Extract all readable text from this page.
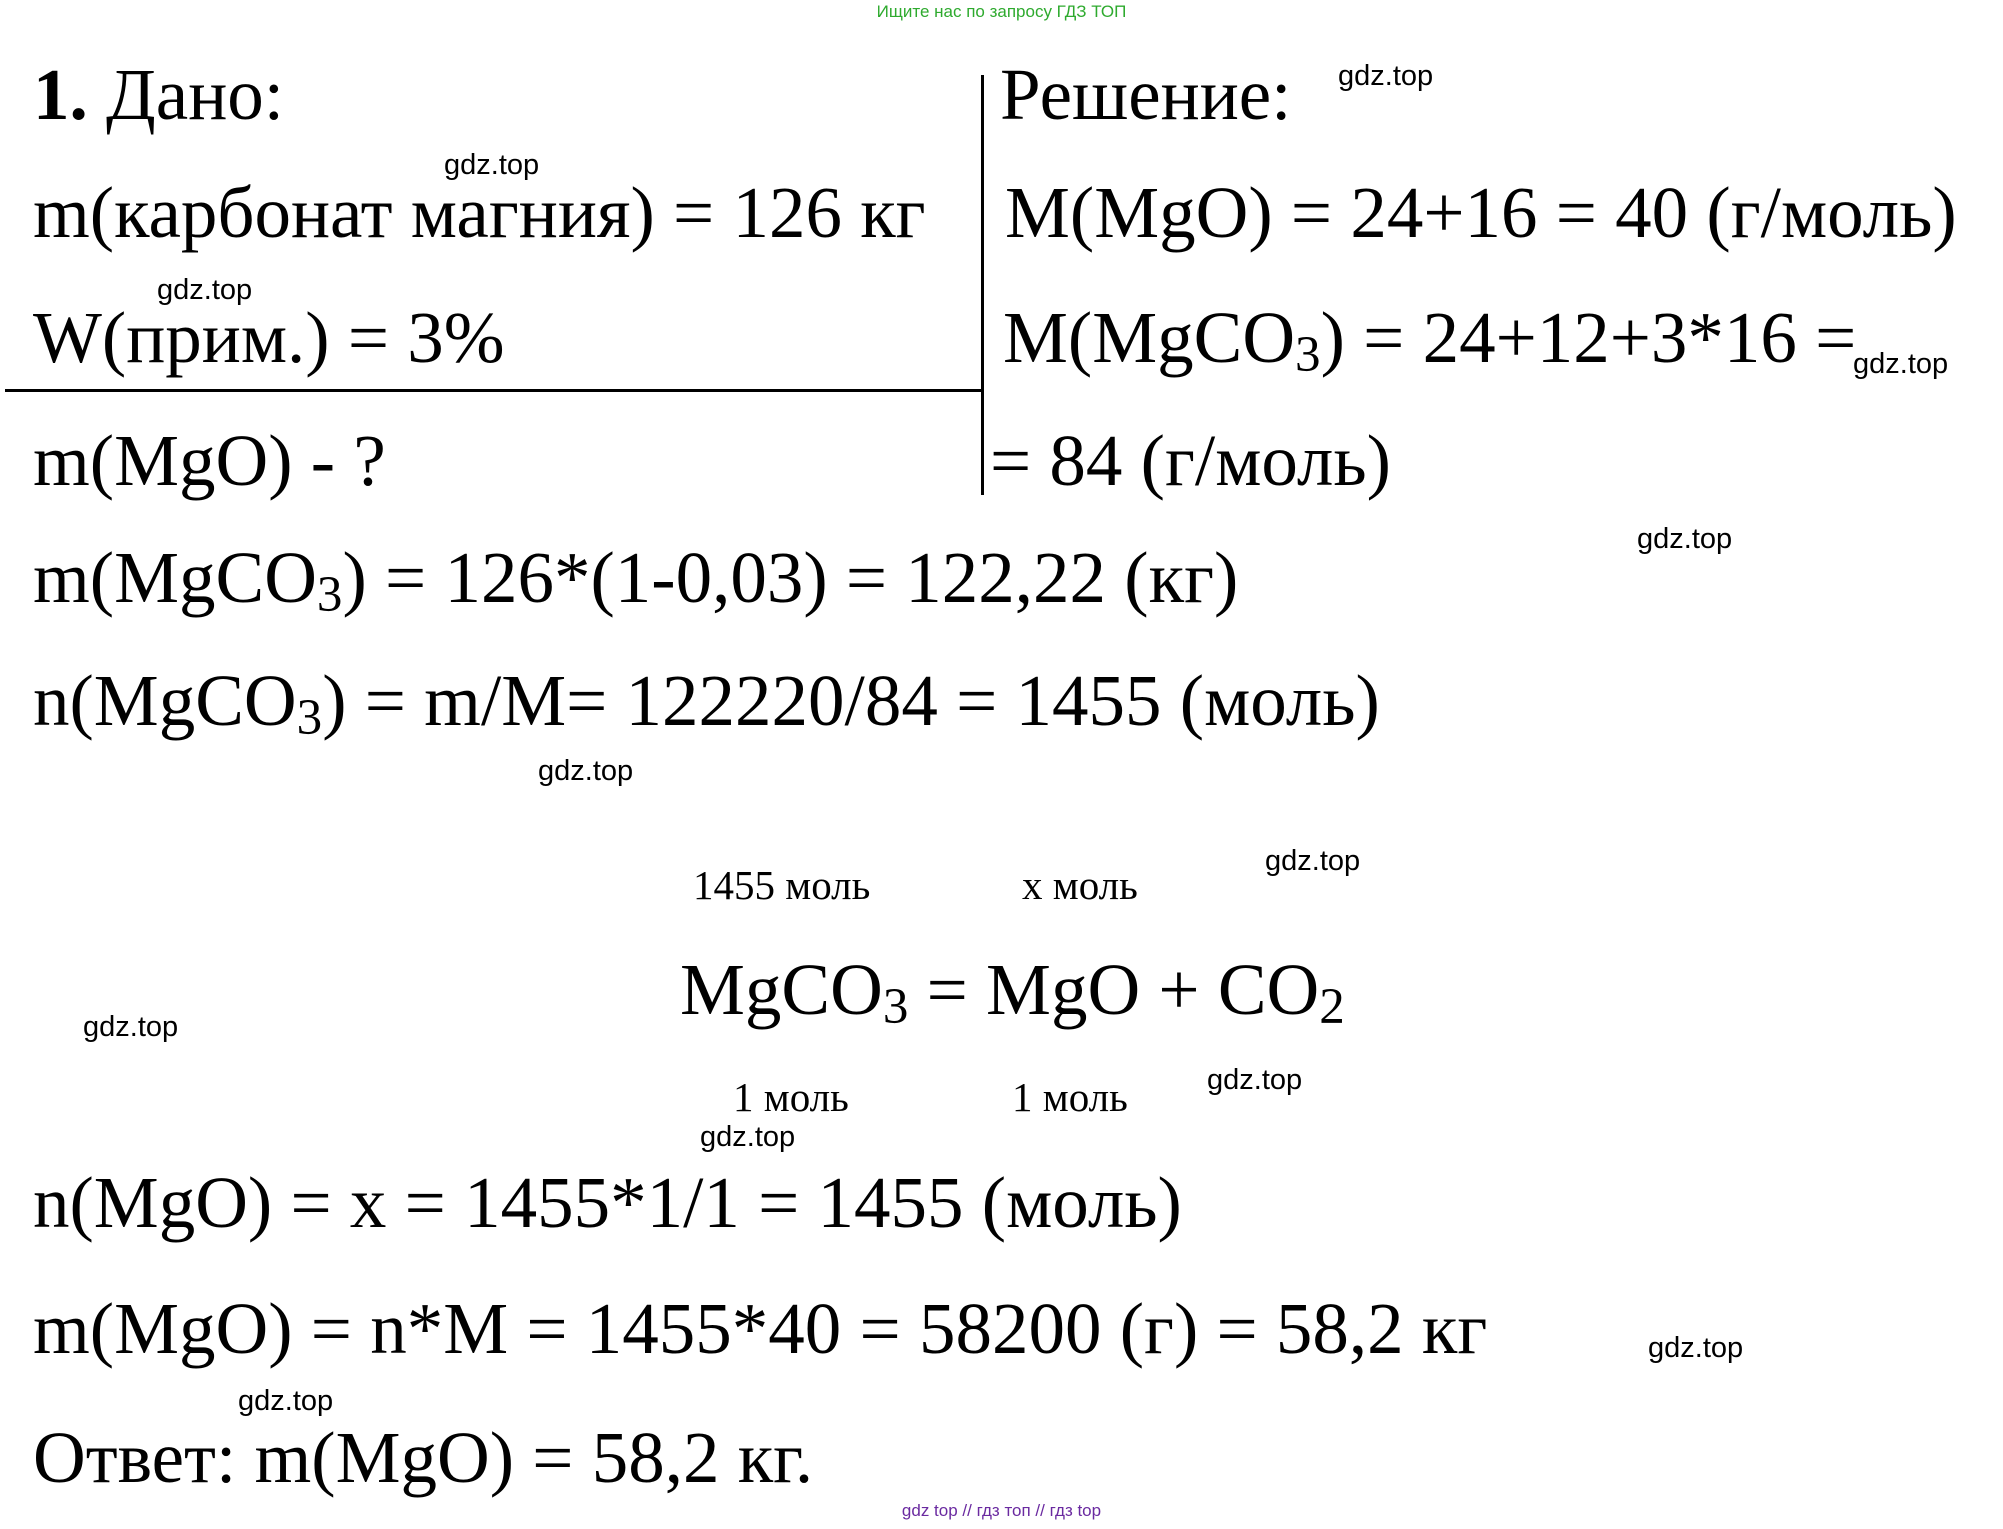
Ищите нас по запросу ГДЗ ТОП
1. Дано:
m(карбонат магния) = 126 кг
W(прим.) = 3%
m(MgO) - ?
Решение:
M(MgO) = 24+16 = 40 (г/моль)
M(MgCO3) = 24+12+3*16 =
= 84 (г/моль)
m(MgCO3) = 126*(1-0,03) = 122,22 (кг)
n(MgCO3) = m/M= 122220/84 = 1455 (моль)
1455 моль	х моль
MgCO3 = MgO + CO2
1 моль	1 моль
n(MgO) = x = 1455*1/1 = 1455 (моль)
m(MgO) = n*M = 1455*40 = 58200 (г) = 58,2 кг
Ответ: m(MgO) = 58,2 кг.
gdz.top
gdz.top
gdz.top
gdz.top
gdz.top
gdz.top
gdz.top
gdz.top
gdz.top
gdz.top
gdz.top
gdz.top
gdz top // гдз топ // гдз top
